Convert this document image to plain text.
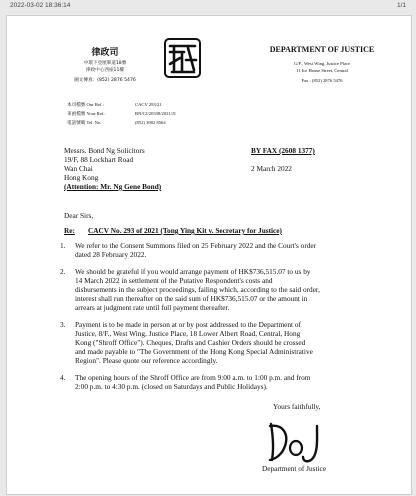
2022-03-02 18:36:14	1/1
律政司
中環下亞厘畢道18號
律政中心西座11樓
圖文傳真：(852) 2876 5476
DEPARTMENT OF JUSTICE
G/F., West Wing, Justice Place
11 Ice House Street, Central
Fax : (852) 2876 5476
本司檔號 Our Ref.:	CACV 293/21
來函檔號 Your Ref.:	BN/CJ/20338/2021/J1
電話號碼 Tel. No.:	(852) 3902 8564
Messrs. Bond Ng Solicitors
19/F, 88 Lockhart Road
Wan Chai
Hong Kong
(Attention: Mr. Ng Gene Bond)
BY FAX (2608 1377)
2 March 2022
Dear Sirs,
Re: CACV No. 293 of 2021 (Tong Ying Kit v. Secretary for Justice)
1. We refer to the Consent Summons filed on 25 February 2022 and the Court's order
dated 28 February 2022.
2. We should be grateful if you would arrange payment of HK$736,515.07 to us by
14 March 2022 in settlement of the Putative Respondent's costs and
disbursements in the subject proceedings, failing which, according to the said order,
interest shall run thereafter on the said sum of HK$736,515.07 or the amount in
arrears at judgment rate until full payment thereafter.
3. Payment is to be made in person at or by post addressed to the Department of
Justice, 8/F., West Wing, Justice Place, 18 Lower Albert Road, Central, Hong
Kong ("Shroff Office"). Cheques, Drafts and Cashier Orders should be crossed
and made payable to "The Government of the Hong Kong Special Administrative
Region". Please quote our reference accordingly.
4. The opening hours of the Shroff Office are from 9:00 a.m. to 1:00 p.m. and from
2:00 p.m. to 4:30 p.m. (closed on Saturdays and Public Holidays).
Yours faithfully,
Department of Justice
